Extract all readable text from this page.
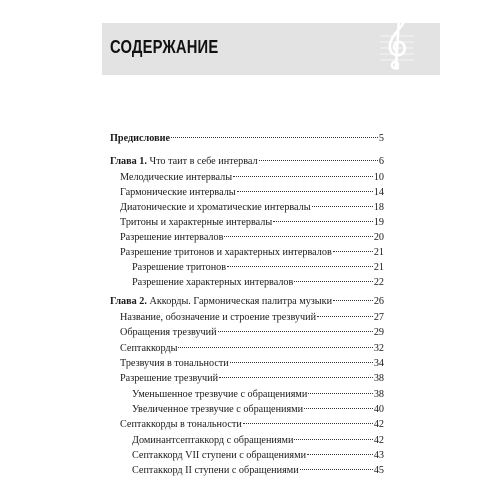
СОДЕРЖАНИЕ
Предисловие	5
Глава 1. Что таит в себе интервал	6
Мелодические интервалы	10
Гармонические интервалы	14
Диатонические и хроматические интервалы	18
Тритоны и характерные интервалы	19
Разрешение интервалов	20
Разрешение тритонов и характерных интервалов	21
Разрешение тритонов	21
Разрешение характерных интервалов	22
Глава 2. Аккорды. Гармоническая палитра музыки	26
Название, обозначение и строение трезвучий	27
Обращения трезвучий	29
Септаккорды	32
Трезвучия в тональности	34
Разрешение трезвучий	38
Уменьшенное трезвучие с обращениями	38
Увеличенное трезвучие с обращениями	40
Септаккорды в тональности	42
Доминантсептаккорд с обращениями	42
Септаккорд VII ступени с обращениями	43
Септаккорд II ступени с обращениями	45
